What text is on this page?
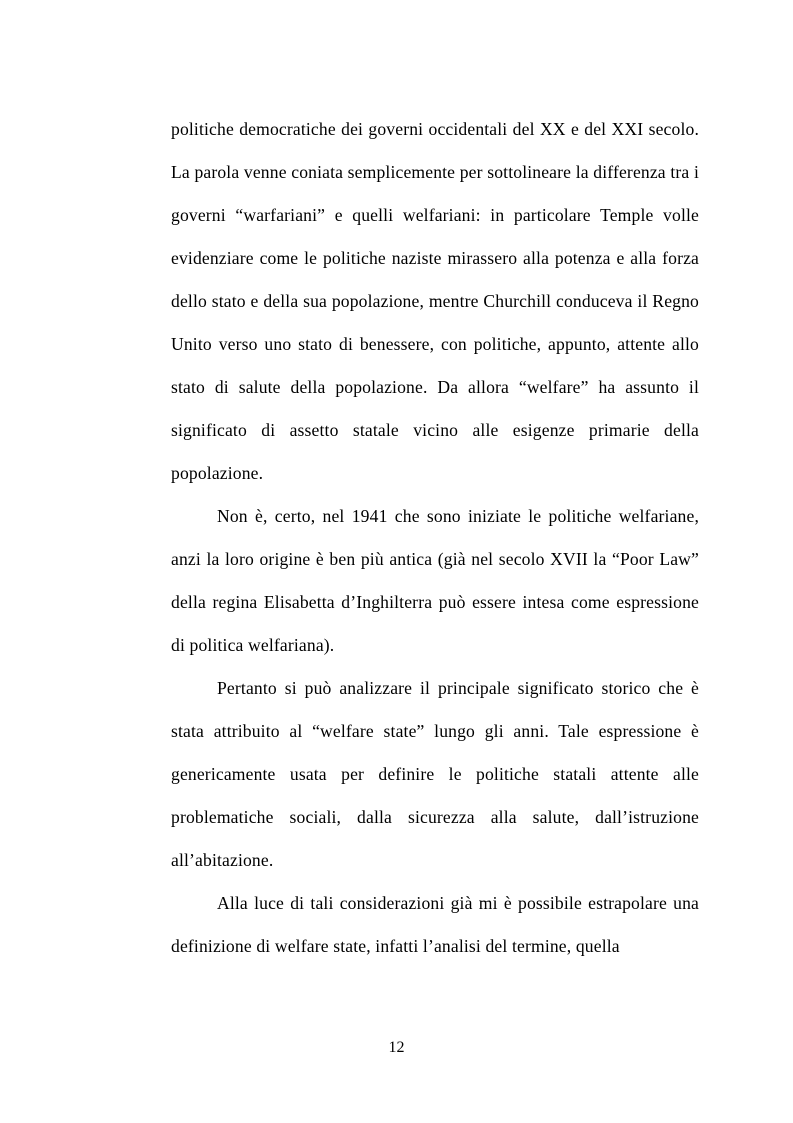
politiche democratiche dei governi occidentali del XX e del XXI secolo. La parola venne coniata semplicemente per sottolineare la differenza tra i governi “warfariani” e quelli welfariani: in particolare Temple volle evidenziare come le politiche naziste mirassero alla potenza e alla forza dello stato e della sua popolazione, mentre Churchill conduceva il Regno Unito verso uno stato di benessere, con politiche, appunto, attente allo stato di salute della popolazione. Da allora “welfare” ha assunto il significato di assetto statale vicino alle esigenze primarie della popolazione.

Non è, certo, nel 1941 che sono iniziate le politiche welfariane, anzi la loro origine è ben più antica (già nel secolo XVII la “Poor Law” della regina Elisabetta d’Inghilterra può essere intesa come espressione di politica welfariana).

Pertanto si può analizzare il principale significato storico che è stata attribuito al “welfare state” lungo gli anni. Tale espressione è genericamente usata per definire le politiche statali attente alle problematiche sociali, dalla sicurezza alla salute, dall’istruzione all’abitazione.

Alla luce di tali considerazioni già mi è possibile estrapolare una definizione di welfare state, infatti l’analisi del termine, quella

12
